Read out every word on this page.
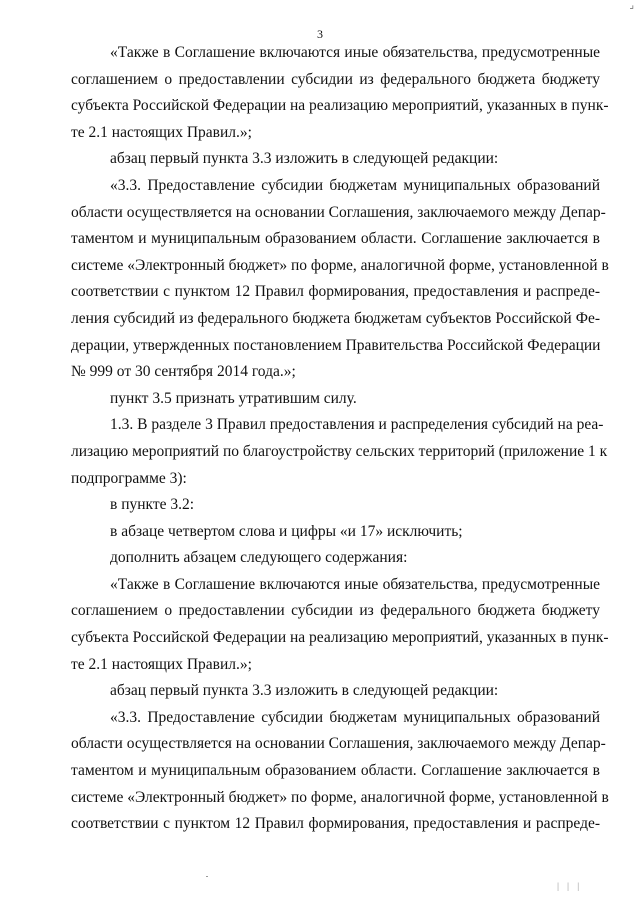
⌟
3
«Также в Соглашение включаются иные обязательства, предусмотренные
соглашением о предоставлении субсидии из федерального бюджета бюджету
субъекта Российской Федерации на реализацию мероприятий, указанных в пунк-
те 2.1 настоящих Правил.»;
абзац первый пункта 3.3 изложить в следующей редакции:
«3.3. Предоставление субсидии бюджетам муниципальных образований
области осуществляется на основании Соглашения, заключаемого между Депар-
таментом и муниципальным образованием области. Соглашение заключается в
системе «Электронный бюджет» по форме, аналогичной форме, установленной в
соответствии с пунктом 12 Правил формирования, предоставления и распреде-
ления субсидий из федерального бюджета бюджетам субъектов Российской Фе-
дерации, утвержденных постановлением Правительства Российской Федерации
№ 999 от 30 сентября 2014 года.»;
пункт 3.5 признать утратившим силу.
1.3. В разделе 3 Правил предоставления и распределения субсидий на реа-
лизацию мероприятий по благоустройству сельских территорий (приложение 1 к
подпрограмме 3):
в пункте 3.2:
в абзаце четвертом слова и цифры «и 17» исключить;
дополнить абзацем следующего содержания:
«Также в Соглашение включаются иные обязательства, предусмотренные
соглашением о предоставлении субсидии из федерального бюджета бюджету
субъекта Российской Федерации на реализацию мероприятий, указанных в пунк-
те 2.1 настоящих Правил.»;
абзац первый пункта 3.3 изложить в следующей редакции:
«3.3. Предоставление субсидии бюджетам муниципальных образований
области осуществляется на основании Соглашения, заключаемого между Депар-
таментом и муниципальным образованием области. Соглашение заключается в
системе «Электронный бюджет» по форме, аналогичной форме, установленной в
соответствии с пунктом 12 Правил формирования, предоставления и распреде-
| | |
